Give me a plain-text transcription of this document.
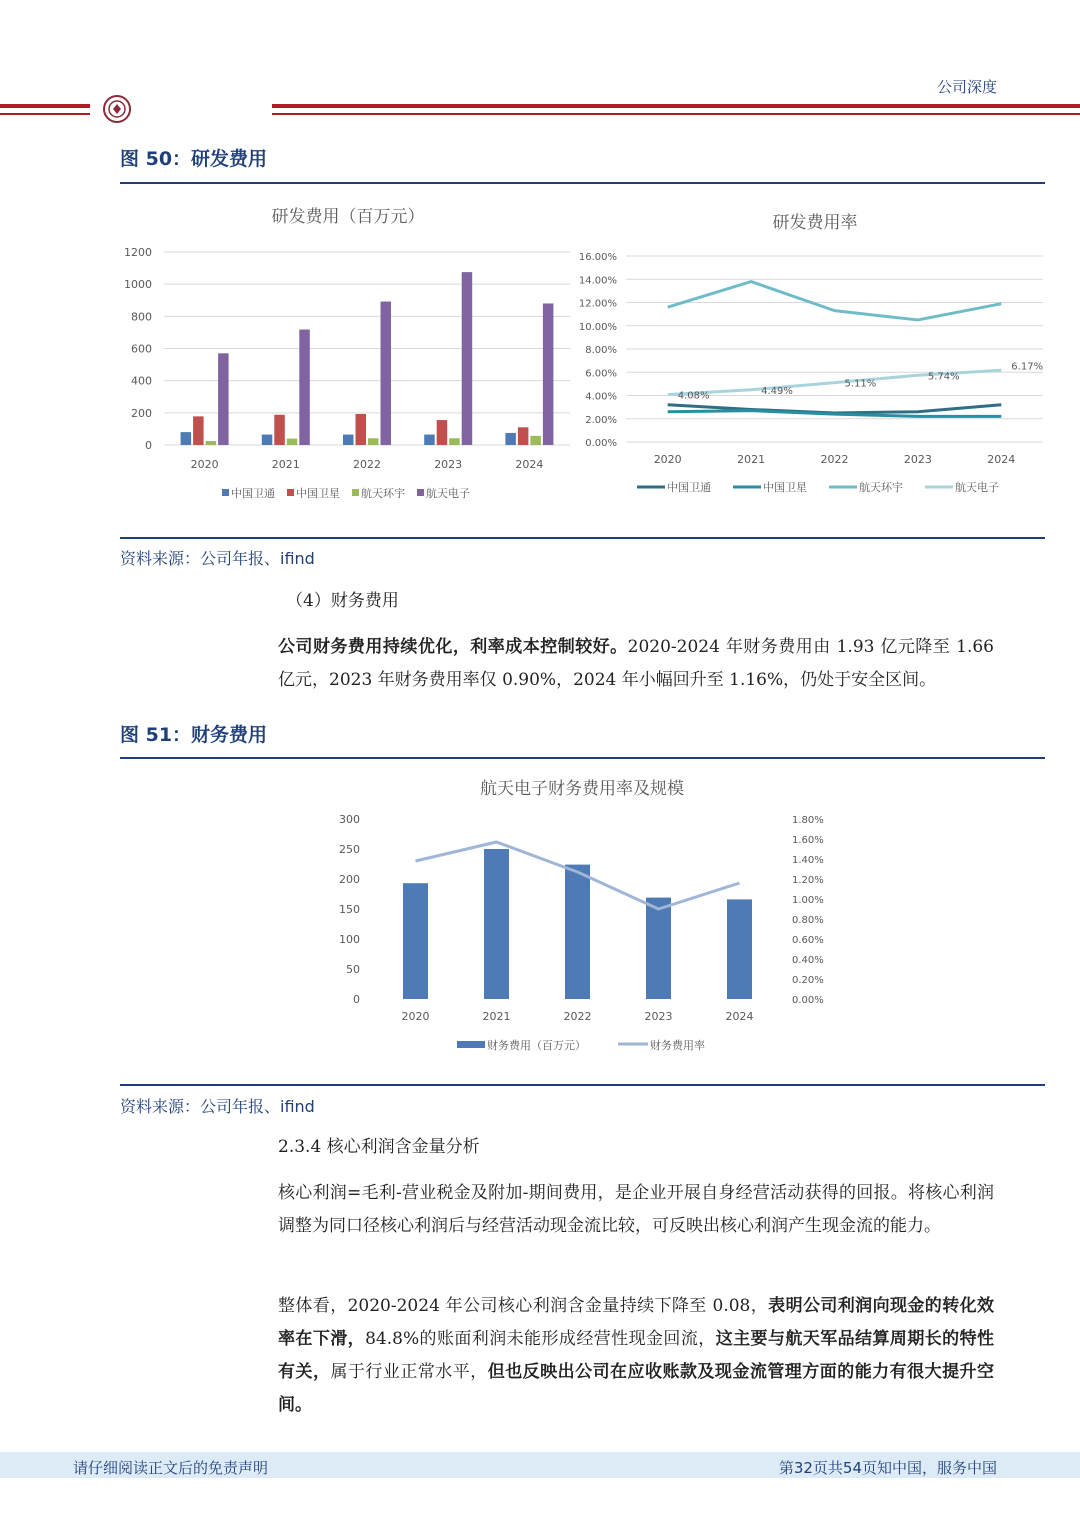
公司深度
图 50：研发费用
研发费用（百万元）
0
200
400
600
800
1000
1200
2020	2021	2022	2023	2024
中国卫通 中国卫星 航天环宇 航天电子
研发费用率
0.00%
2.00%
4.00%
6.00%
8.00%
10.00%
12.00%
14.00%
16.00%
4.08%	4.49%
5.11%
5.74%
6.17%
2020	2021	2022	2023	2024
中国卫通	中国卫星	航天环宇	航天电子
资料来源：公司年报、ifind
（4）财务费用
公司财务费用持续优化，利率成本控制较好。2020-2024 年财务费用由 1.93 亿元降至 1.66 亿元，2023 年财务费用率仅 0.90%，2024 年小幅回升至 1.16%，仍处于安全区间。
图 51：财务费用
航天电子财务费用率及规模
0
50
100
150
200
250
300
0.00%
0.20%
0.40%
0.60%
0.80%
1.00%
1.20%
1.40%
1.60%
1.80%
2020	2021	2022	2023	2024
财务费用（百万元）	财务费用率
资料来源：公司年报、ifind
2.3.4 核心利润含金量分析
核心利润=毛利-营业税金及附加-期间费用，是企业开展自身经营活动获得的回报。将核心利润调整为同口径核心利润后与经营活动现金流比较，可反映出核心利润产生现金流的能力。
整体看，2020-2024 年公司核心利润含金量持续下降至 0.08，表明公司利润向现金的转化效率在下滑，84.8%的账面利润未能形成经营性现金回流，这主要与航天军品结算周期长的特性有关，属于行业正常水平，但也反映出公司在应收账款及现金流管理方面的能力有很大提升空间。
请仔细阅读正文后的免责声明	第32页共54页知中国，服务中国
